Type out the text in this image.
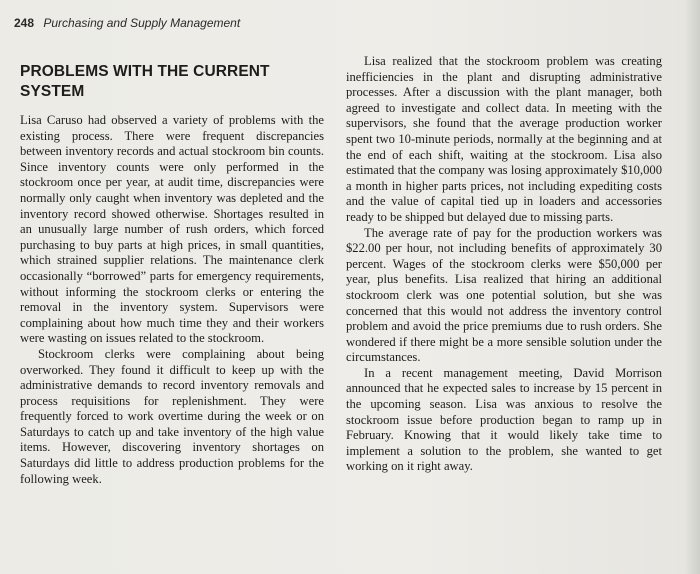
248 Purchasing and Supply Management
PROBLEMS WITH THE CURRENT
SYSTEM

Lisa Caruso had observed a variety of problems with the existing process. There were frequent discrepancies between inventory records and actual stockroom bin counts. Since inventory counts were only performed in the stockroom once per year, at audit time, discrepancies were normally only caught when inventory was depleted and the inventory record showed otherwise. Shortages resulted in an unusually large number of rush orders, which forced purchasing to buy parts at high prices, in small quantities, which strained supplier relations. The maintenance clerk occasionally “borrowed” parts for emergency requirements, without informing the stockroom clerks or entering the removal in the inventory system. Supervisors were complaining about how much time they and their workers were wasting on issues related to the stockroom.

Stockroom clerks were complaining about being overworked. They found it difficult to keep up with the administrative demands to record inventory removals and process requisitions for replenishment. They were frequently forced to work overtime during the week or on Saturdays to catch up and take inventory of the high value items. However, discovering inventory shortages on Saturdays did little to address production problems for the following week.

Lisa realized that the stockroom problem was creating inefficiencies in the plant and disrupting administrative processes. After a discussion with the plant manager, both agreed to investigate and collect data. In meeting with the supervisors, she found that the average production worker spent two 10-minute periods, normally at the beginning and at the end of each shift, waiting at the stockroom. Lisa also estimated that the company was losing approximately $10,000 a month in higher parts prices, not including expediting costs and the value of capital tied up in loaders and accessories ready to be shipped but delayed due to missing parts.

The average rate of pay for the production workers was $22.00 per hour, not including benefits of approximately 30 percent. Wages of the stockroom clerks were $50,000 per year, plus benefits. Lisa realized that hiring an additional stockroom clerk was one potential solution, but she was concerned that this would not address the inventory control problem and avoid the price premiums due to rush orders. She wondered if there might be a more sensible solution under the circumstances.

In a recent management meeting, David Morrison announced that he expected sales to increase by 15 percent in the upcoming season. Lisa was anxious to resolve the stockroom issue before production began to ramp up in February. Knowing that it would likely take time to implement a solution to the problem, she wanted to get working on it right away.
